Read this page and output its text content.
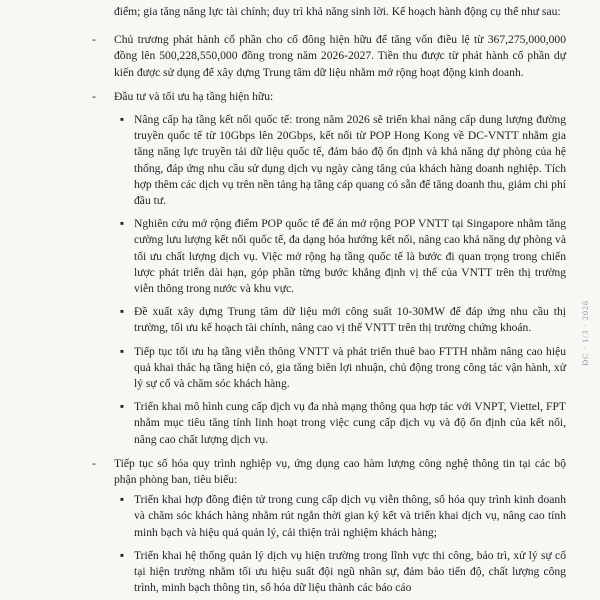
điểm; gia tăng năng lực tài chính; duy trì khả năng sinh lời. Kế hoạch hành động cụ thể như sau:

-	Chủ trương phát hành cổ phần cho cổ đông hiện hữu để tăng vốn điều lệ từ 367,275,000,000 đồng lên 500,228,550,000 đồng trong năm 2026-2027. Tiền thu được từ phát hành cổ phần dự kiến được sử dụng để xây dựng Trung tâm dữ liệu nhằm mở rộng hoạt động kinh doanh.
-	Đầu tư và tối ưu hạ tầng hiện hữu:
▪ Nâng cấp hạ tầng kết nối quốc tế: trong năm 2026 sẽ triển khai nâng cấp dung lượng đường truyền quốc tế từ 10Gbps lên 20Gbps, kết nối từ POP Hong Kong về DC-VNTT nhằm gia tăng năng lực truyền tải dữ liệu quốc tế, đảm bảo độ ổn định và khả năng dự phòng của hệ thống, đáp ứng nhu cầu sử dụng dịch vụ ngày càng tăng của khách hàng doanh nghiệp. Tích hợp thêm các dịch vụ trên nền tảng hạ tầng cáp quang có sẵn để tăng doanh thu, giảm chi phí đầu tư.
▪ Nghiên cứu mở rộng điểm POP quốc tế để án mở rộng POP VNTT tại Singapore nhằm tăng cường lưu lượng kết nối quốc tế, đa dạng hóa hướng kết nối, nâng cao khả năng dự phòng và tối ưu chất lượng dịch vụ. Việc mở rộng hạ tầng quốc tế là bước đi quan trọng trong chiến lược phát triển dài hạn, góp phần từng bước khẳng định vị thế của VNTT trên thị trường viễn thông trong nước và khu vực.
▪ Đề xuất xây dựng Trung tâm dữ liệu mới công suất 10-30MW để đáp ứng nhu cầu thị trường, tối ưu kế hoạch tài chính, nâng cao vị thế VNTT trên thị trường chứng khoán.
▪ Tiếp tục tối ưu hạ tầng viễn thông VNTT và phát triển thuê bao FTTH nhằm nâng cao hiệu quả khai thác hạ tầng hiện có, gia tăng biên lợi nhuận, chủ động trong công tác vận hành, xử lý sự cố và chăm sóc khách hàng.
▪ Triển khai mô hình cung cấp dịch vụ đa nhà mạng thông qua hợp tác với VNPT, Viettel, FPT nhằm mục tiêu tăng tính linh hoạt trong việc cung cấp dịch vụ và độ ổn định của kết nối, nâng cao chất lượng dịch vụ.
-	Tiếp tục số hóa quy trình nghiệp vụ, ứng dụng cao hàm lượng công nghệ thông tin tại các bộ phận phòng ban, tiêu biểu:
▪ Triển khai hợp đồng điện tử trong cung cấp dịch vụ viễn thông, số hóa quy trình kinh doanh và chăm sóc khách hàng nhằm rút ngắn thời gian ký kết và triển khai dịch vụ, nâng cao tính minh bạch và hiệu quả quản lý, cải thiện trải nghiệm khách hàng;
▪ Triển khai hệ thống quản lý dịch vụ hiện trường trong lĩnh vực thi công, bảo trì, xử lý sự cố tại hiện trường nhằm tối ưu hiệu suất đội ngũ nhân sự, đảm bảo tiến độ, chất lượng công trình, minh bạch thông tin, số hóa dữ liệu thành các báo cáo
ĐC · 1/3 · 2026
